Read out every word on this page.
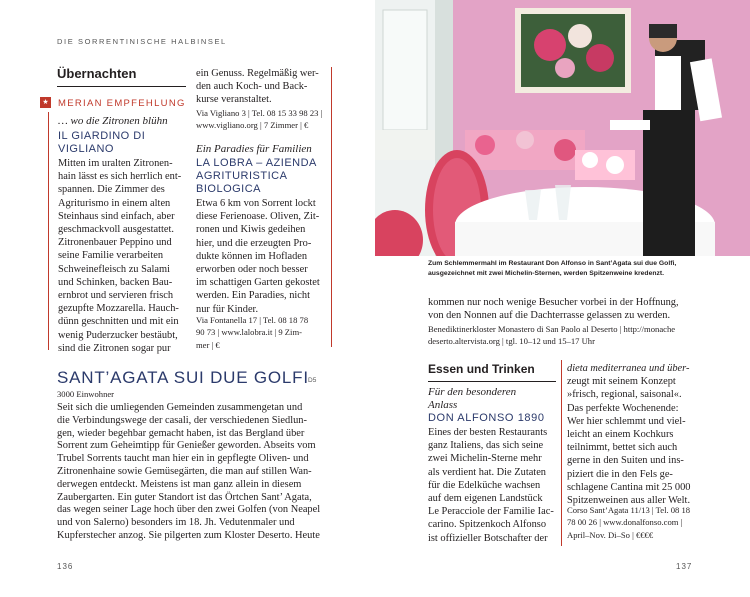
DIE SORRENTINISCHE HALBINSEL
136	137
Übernachten
★ MERIAN EMPFEHLUNG
… wo die Zitronen blühn
IL GIARDINO DI
VIGLIANO
Mitten im uralten Zitronen-
hain lässt es sich herrlich ent-
spannen. Die Zimmer des
Agriturismo in einem alten
Steinhaus sind einfach, aber
geschmackvoll ausgestattet.
Zitronenbauer Peppino und
seine Familie verarbeiten
Schweinefleisch zu Salami
und Schinken, backen Bau-
ernbrot und servieren frisch
gezupfte Mozzarella. Hauch-
dünn geschnitten und mit ein
wenig Puderzucker bestäubt,
sind die Zitronen sogar pur
ein Genuss. Regelmäßig wer-
den auch Koch- und Back-
kurse veranstaltet.
Via Vigliano 3 | Tel. 08 15 33 98 23 |
www.vigliano.org | 7 Zimmer | €
Ein Paradies für Familien
LA LOBRA – AZIENDA
AGRITURISTICA
BIOLOGICA
Etwa 6 km von Sorrent lockt
diese Ferienoase. Oliven, Zit-
ronen und Kiwis gedeihen
hier, und die erzeugten Pro-
dukte können im Hofladen
erworben oder noch besser
im schattigen Garten gekostet
werden. Ein Paradies, nicht
nur für Kinder.
Via Fontanella 17 | Tel. 08 18 78
90 73 | www.lalobra.it | 9 Zim-
mer | €
SANT’AGATA SUI DUE GOLFI D5
3000 Einwohner
Seit sich die umliegenden Gemeinden zusammengetan und
die Verbindungswege der casali, der verschiedenen Siedlun-
gen, wieder begehbar gemacht haben, ist das Bergland über
Sorrent zum Geheimtipp für Genießer geworden. Abseits vom
Trubel Sorrents taucht man hier ein in gepflegte Oliven- und
Zitronenhaine sowie Gemüsegärten, die man auf stillen Wan-
derwegen entdeckt. Meistens ist man ganz allein in diesem
Zaubergarten. Ein guter Standort ist das Örtchen Sant’ Agata,
das wegen seiner Lage hoch über den zwei Golfen (von Neapel
und von Salerno) besonders im 18. Jh. Vedutenmaler und
Kupferstecher anzog. Sie pilgerten zum Kloster Deserto. Heute
Zum Schlemmermahl im Restaurant Don Alfonso in Sant’Agata sui due Golfi,
ausgezeichnet mit zwei Michelin-Sternen, werden Spitzenweine kredenzt.
kommen nur noch wenige Besucher vorbei in der Hoffnung,
von den Nonnen auf die Dachterrasse gelassen zu werden.
Benediktinerkloster Monastero di San Paolo al Deserto | http://monache
deserto.altervista.org | tgl. 10–12 und 15–17 Uhr
Essen und Trinken
Für den besonderen
Anlass
DON ALFONSO 1890
Eines der besten Restaurants
ganz Italiens, das sich seine
zwei Michelin-Sterne mehr
als verdient hat. Die Zutaten
für die Edelküche wachsen
auf dem eigenen Landstück
Le Peracciole der Familie Iac-
carino. Spitzenkoch Alfonso
ist offizieller Botschafter der
dieta mediterranea und über-
zeugt mit seinem Konzept
»frisch, regional, saisonal«.
Das perfekte Wochenende:
Wer hier schlemmt und viel-
leicht an einem Kochkurs
teilnimmt, bettet sich auch
gerne in den Suiten und ins-
piziert die in den Fels ge-
schlagene Cantina mit 25 000
Spitzenweinen aus aller Welt.
Corso Sant’Agata 11/13 | Tel. 08 18
78 00 26 | www.donalfonso.com |
April–Nov. Di–So | €€€€
